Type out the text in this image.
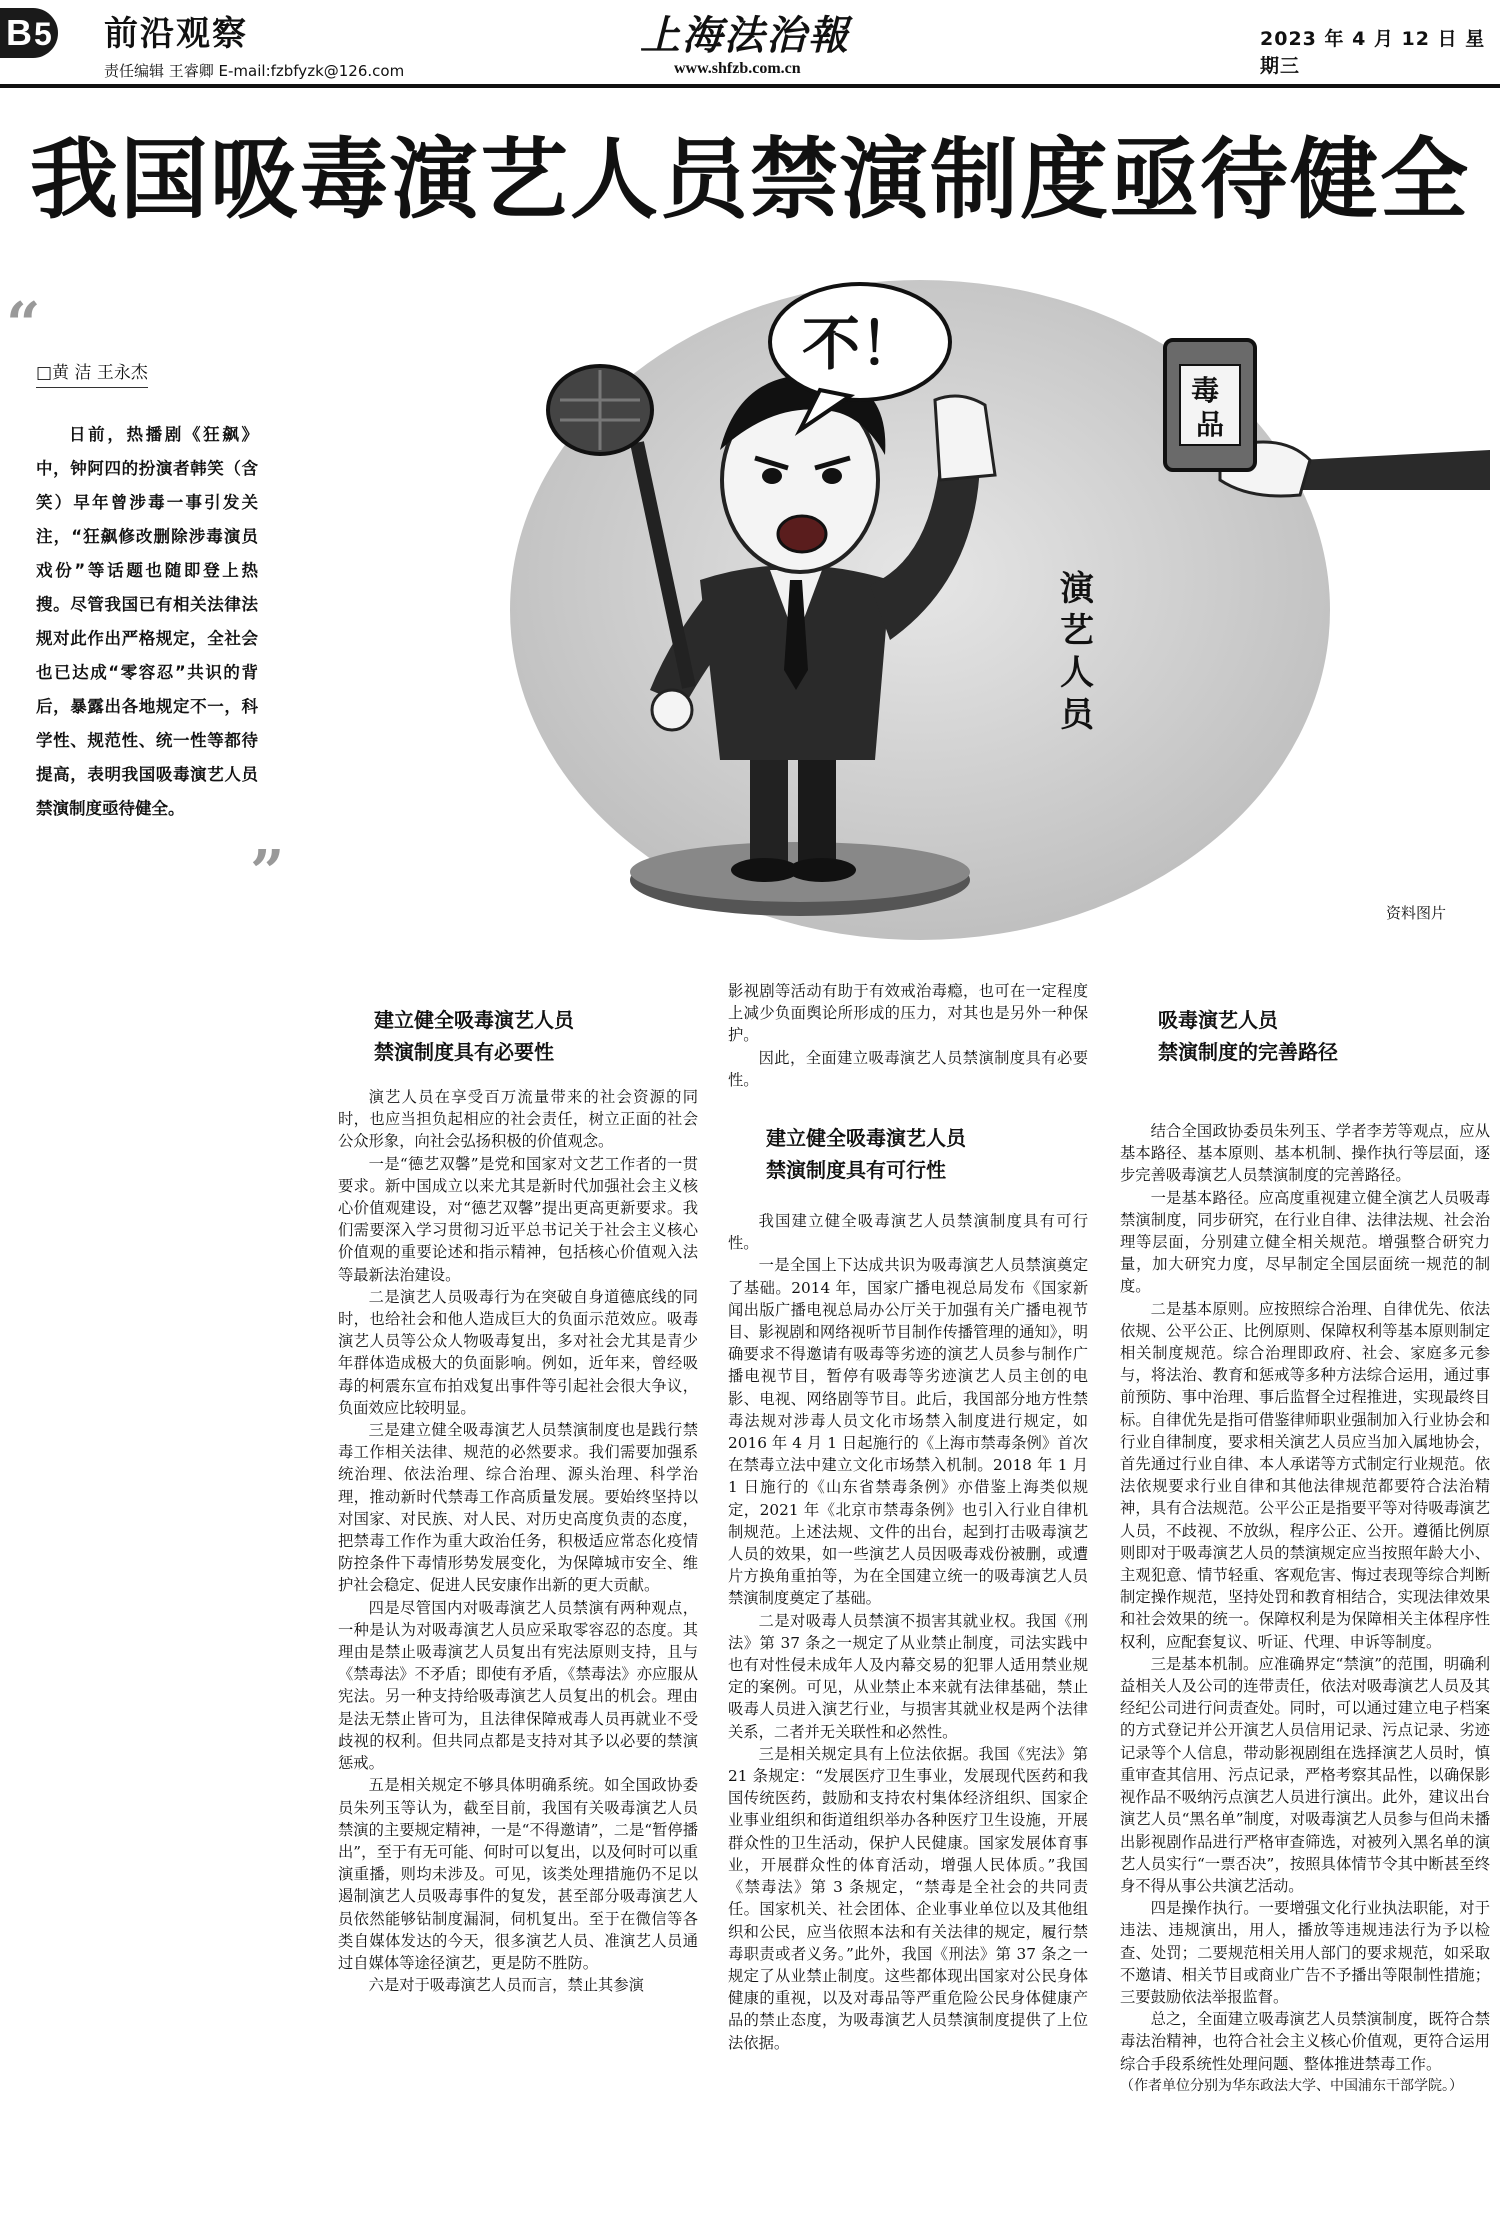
B 5 前沿观察
责任编辑 王睿卿 E-mail:fzbfyzk@126.com
上海法治報
www.shfzb.com.cn
2023 年 4 月 12 日 星期三
我国吸毒演艺人员禁演制度亟待健全
“
□黄 洁 王永杰
日前，热播剧《狂飙》中，钟阿四的扮演者韩笑（含笑）早年曾涉毒一事引发关注，“狂飙修改删除涉毒演员戏份”等话题也随即登上热搜。尽管我国已有相关法律法规对此作出严格规定，全社会也已达成“零容忍”共识的背后，暴露出各地规定不一，科学性、规范性、统一性等都待提高，表明我国吸毒演艺人员禁演制度亟待健全。
”
不！
演 艺 人 员
毒 品
资料图片
建立健全吸毒演艺人员
禁演制度具有必要性

演艺人员在享受百万流量带来的社会资源的同时，也应当担负起相应的社会责任，树立正面的社会公众形象，向社会弘扬积极的价值观念。

一是“德艺双馨”是党和国家对文艺工作者的一贯要求。新中国成立以来尤其是新时代加强社会主义核心价值观建设，对“德艺双馨”提出更高更新要求。我们需要深入学习贯彻习近平总书记关于社会主义核心价值观的重要论述和指示精神，包括核心价值观入法等最新法治建设。

二是演艺人员吸毒行为在突破自身道德底线的同时，也给社会和他人造成巨大的负面示范效应。吸毒演艺人员等公众人物吸毒复出，多对社会尤其是青少年群体造成极大的负面影响。例如，近年来，曾经吸毒的柯震东宣布拍戏复出事件等引起社会很大争议，负面效应比较明显。

三是建立健全吸毒演艺人员禁演制度也是践行禁毒工作相关法律、规范的必然要求。我们需要加强系统治理、依法治理、综合治理、源头治理、科学治理，推动新时代禁毒工作高质量发展。要始终坚持以对国家、对民族、对人民、对历史高度负责的态度，把禁毒工作作为重大政治任务，积极适应常态化疫情防控条件下毒情形势发展变化，为保障城市安全、维护社会稳定、促进人民安康作出新的更大贡献。

四是尽管国内对吸毒演艺人员禁演有两种观点，一种是认为对吸毒演艺人员应采取零容忍的态度。其理由是禁止吸毒演艺人员复出有宪法原则支持，且与《禁毒法》不矛盾；即使有矛盾，《禁毒法》亦应服从宪法。另一种支持给吸毒演艺人员复出的机会。理由是法无禁止皆可为，且法律保障戒毒人员再就业不受歧视的权利。但共同点都是支持对其予以必要的禁演惩戒。

五是相关规定不够具体明确系统。如全国政协委员朱列玉等认为，截至目前，我国有关吸毒演艺人员禁演的主要规定精神，一是“不得邀请”，二是“暂停播出”，至于有无可能、何时可以复出，以及何时可以重演重播，则均未涉及。可见，该类处理措施仍不足以遏制演艺人员吸毒事件的复发，甚至部分吸毒演艺人员依然能够钻制度漏洞，伺机复出。至于在微信等各类自媒体发达的今天，很多演艺人员、准演艺人员通过自媒体等途径演艺，更是防不胜防。

六是对于吸毒演艺人员而言，禁止其参演

影视剧等活动有助于有效戒治毒瘾，也可在一定程度上减少负面舆论所形成的压力，对其也是另外一种保护。

因此，全面建立吸毒演艺人员禁演制度具有必要性。

建立健全吸毒演艺人员
禁演制度具有可行性

我国建立健全吸毒演艺人员禁演制度具有可行性。

一是全国上下达成共识为吸毒演艺人员禁演奠定了基础。2014 年，国家广播电视总局发布《国家新闻出版广播电视总局办公厅关于加强有关广播电视节目、影视剧和网络视听节目制作传播管理的通知》，明确要求不得邀请有吸毒等劣迹的演艺人员参与制作广播电视节目，暂停有吸毒等劣迹演艺人员主创的电影、电视、网络剧等节目。此后，我国部分地方性禁毒法规对涉毒人员文化市场禁入制度进行规定，如 2016 年 4 月 1 日起施行的《上海市禁毒条例》首次在禁毒立法中建立文化市场禁入机制。2018 年 1 月 1 日施行的《山东省禁毒条例》亦借鉴上海类似规定，2021 年《北京市禁毒条例》也引入行业自律机制规范。上述法规、文件的出台，起到打击吸毒演艺人员的效果，如一些演艺人员因吸毒戏份被删，或遭片方换角重拍等，为在全国建立统一的吸毒演艺人员禁演制度奠定了基础。

二是对吸毒人员禁演不损害其就业权。我国《刑法》第 37 条之一规定了从业禁止制度，司法实践中也有对性侵未成年人及内幕交易的犯罪人适用禁业规定的案例。可见，从业禁止本来就有法律基础，禁止吸毒人员进入演艺行业，与损害其就业权是两个法律关系，二者并无关联性和必然性。

三是相关规定具有上位法依据。我国《宪法》第 21 条规定：“发展医疗卫生事业，发展现代医药和我国传统医药，鼓励和支持农村集体经济组织、国家企业事业组织和街道组织举办各种医疗卫生设施，开展群众性的卫生活动，保护人民健康。国家发展体育事业，开展群众性的体育活动，增强人民体质。”我国《禁毒法》第 3 条规定，“禁毒是全社会的共同责任。国家机关、社会团体、企业事业单位以及其他组织和公民，应当依照本法和有关法律的规定，履行禁毒职责或者义务。”此外，我国《刑法》第 37 条之一规定了从业禁止制度。这些都体现出国家对公民身体健康的重视，以及对毒品等严重危险公民身体健康产品的禁止态度，为吸毒演艺人员禁演制度提供了上位法依据。

吸毒演艺人员
禁演制度的完善路径

结合全国政协委员朱列玉、学者李芳等观点，应从基本路径、基本原则、基本机制、操作执行等层面，逐步完善吸毒演艺人员禁演制度的完善路径。

一是基本路径。应高度重视建立健全演艺人员吸毒禁演制度，同步研究，在行业自律、法律法规、社会治理等层面，分别建立健全相关规范。增强整合研究力量，加大研究力度，尽早制定全国层面统一规范的制度。

二是基本原则。应按照综合治理、自律优先、依法依规、公平公正、比例原则、保障权利等基本原则制定相关制度规范。综合治理即政府、社会、家庭多元参与，将法治、教育和惩戒等多种方法综合运用，通过事前预防、事中治理、事后监督全过程推进，实现最终目标。自律优先是指可借鉴律师职业强制加入行业协会和行业自律制度，要求相关演艺人员应当加入属地协会，首先通过行业自律、本人承诺等方式制定行业规范。依法依规要求行业自律和其他法律规范都要符合法治精神，具有合法规范。公平公正是指要平等对待吸毒演艺人员，不歧视、不放纵，程序公正、公开。遵循比例原则即对于吸毒演艺人员的禁演规定应当按照年龄大小、主观犯意、情节轻重、客观危害、悔过表现等综合判断制定操作规范，坚持处罚和教育相结合，实现法律效果和社会效果的统一。保障权利是为保障相关主体程序性权利，应配套复议、听证、代理、申诉等制度。

三是基本机制。应准确界定“禁演”的范围，明确利益相关人及公司的连带责任，依法对吸毒演艺人员及其经纪公司进行问责查处。同时，可以通过建立电子档案的方式登记并公开演艺人员信用记录、污点记录、劣迹记录等个人信息，带动影视剧组在选择演艺人员时，慎重审查其信用、污点记录，严格考察其品性，以确保影视作品不吸纳污点演艺人员进行演出。此外，建议出台演艺人员“黑名单”制度，对吸毒演艺人员参与但尚未播出影视剧作品进行严格审查筛选，对被列入黑名单的演艺人员实行“一票否决”，按照具体情节令其中断甚至终身不得从事公共演艺活动。

四是操作执行。一要增强文化行业执法职能，对于违法、违规演出，用人，播放等违规违法行为予以检查、处罚；二要规范相关用人部门的要求规范，如采取不邀请、相关节目或商业广告不予播出等限制性措施；三要鼓励依法举报监督。

总之，全面建立吸毒演艺人员禁演制度，既符合禁毒法治精神，也符合社会主义核心价值观，更符合运用综合手段系统性处理问题、整体推进禁毒工作。

（作者单位分别为华东政法大学、中国浦东干部学院。）
